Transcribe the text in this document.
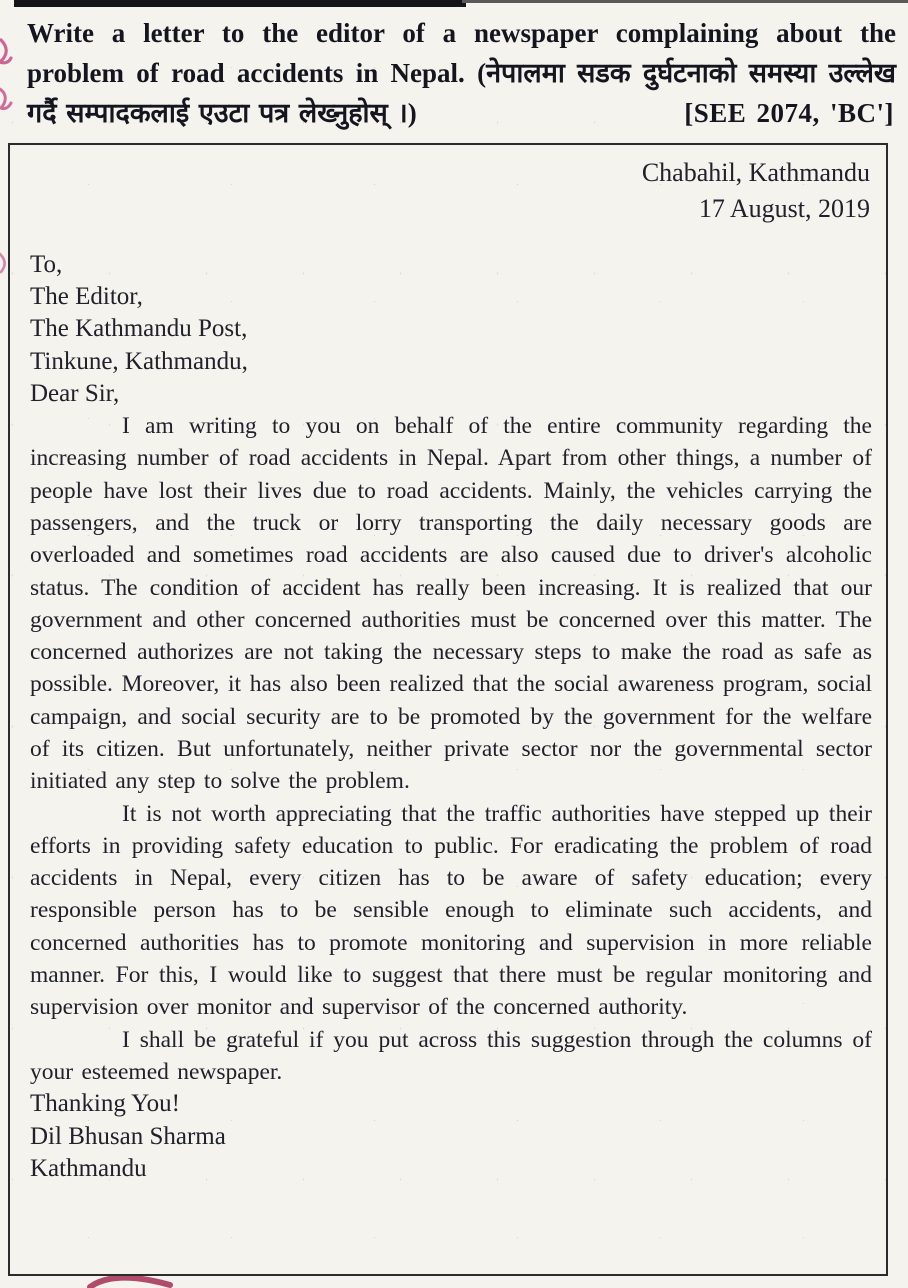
Write a letter to the editor of a newspaper complaining about the problem of road accidents in Nepal. (नेपालमा सडक दुर्घटनाको समस्या उल्लेख गर्दै सम्पादकलाई एउटा पत्र लेख्नुहोस् ।)	[SEE 2074, 'BC']
Chabahil, Kathmandu
17 August, 2019
To,
The Editor,
The Kathmandu Post,
Tinkune, Kathmandu,
Dear Sir,

I am writing to you on behalf of the entire community regarding the increasing number of road accidents in Nepal. Apart from other things, a number of people have lost their lives due to road accidents. Mainly, the vehicles carrying the passengers, and the truck or lorry transporting the daily necessary goods are overloaded and sometimes road accidents are also caused due to driver's alcoholic status. The condition of accident has really been increasing. It is realized that our government and other concerned authorities must be concerned over this matter. The concerned authorizes are not taking the necessary steps to make the road as safe as possible. Moreover, it has also been realized that the social awareness program, social campaign, and social security are to be promoted by the government for the welfare of its citizen. But unfortunately, neither private sector nor the governmental sector initiated any step to solve the problem.

It is not worth appreciating that the traffic authorities have stepped up their efforts in providing safety education to public. For eradicating the problem of road accidents in Nepal, every citizen has to be aware of safety education; every responsible person has to be sensible enough to eliminate such accidents, and concerned authorities has to promote monitoring and supervision in more reliable manner. For this, I would like to suggest that there must be regular monitoring and supervision over monitor and supervisor of the concerned authority.

I shall be grateful if you put across this suggestion through the columns of your esteemed newspaper.

Thanking You!
Dil Bhusan Sharma
Kathmandu
